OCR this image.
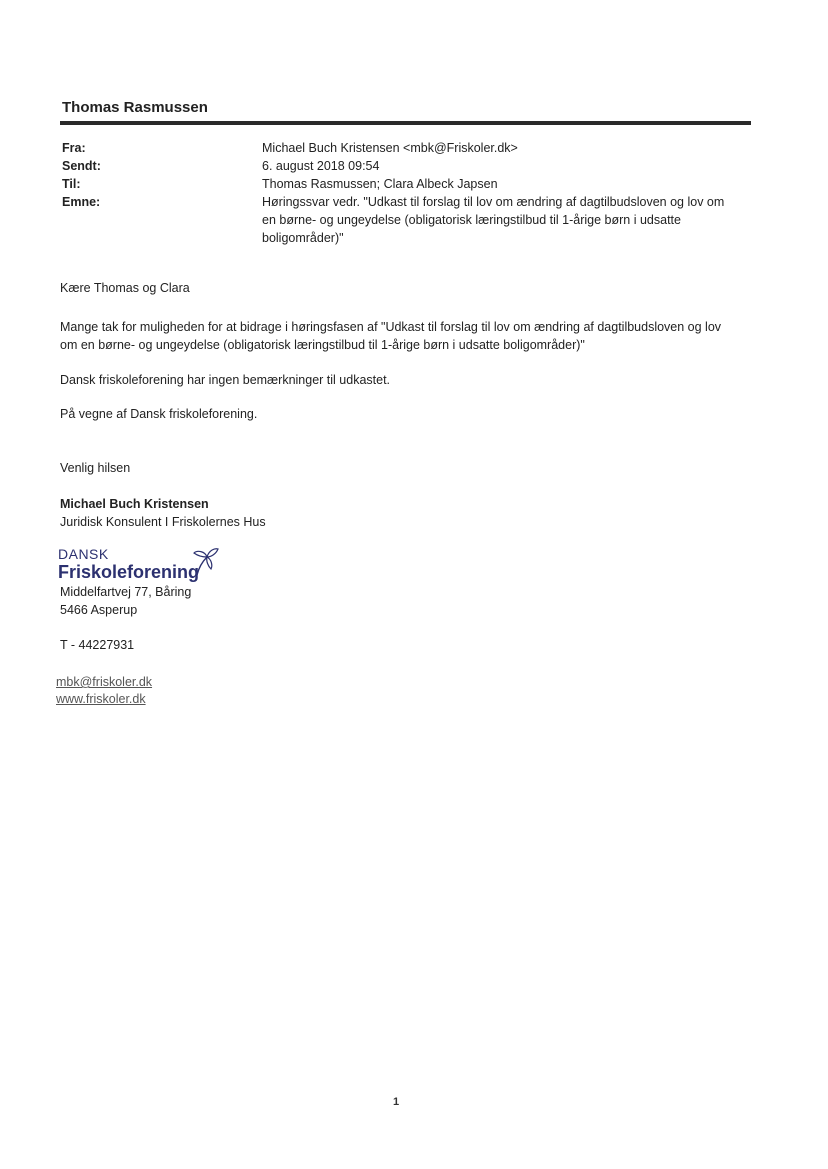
Thomas Rasmussen
Fra:	Michael Buch Kristensen <mbk@Friskoler.dk>
Sendt:	6. august 2018 09:54
Til:	Thomas Rasmussen; Clara Albeck Japsen
Emne:	Høringssvar vedr. "Udkast til forslag til lov om ændring af dagtilbudsloven og lov om en børne- og ungeydelse (obligatorisk læringstilbud til 1-årige børn i udsatte boligområder)"
Kære Thomas og Clara
Mange tak for muligheden for at bidrage i høringsfasen af "Udkast til forslag til lov om ændring af dagtilbudsloven og lov om en børne- og ungeydelse (obligatorisk læringstilbud til 1-årige børn i udsatte boligområder)"
Dansk friskoleforening har ingen bemærkninger til udkastet.
På vegne af Dansk friskoleforening.
Venlig hilsen
Michael Buch Kristensen
Juridisk Konsulent I Friskolernes Hus
DANSK
Friskoleforening
Middelfartvej 77, Båring
5466 Asperup
T - 44227931
mbk@friskoler.dk
www.friskoler.dk
1
